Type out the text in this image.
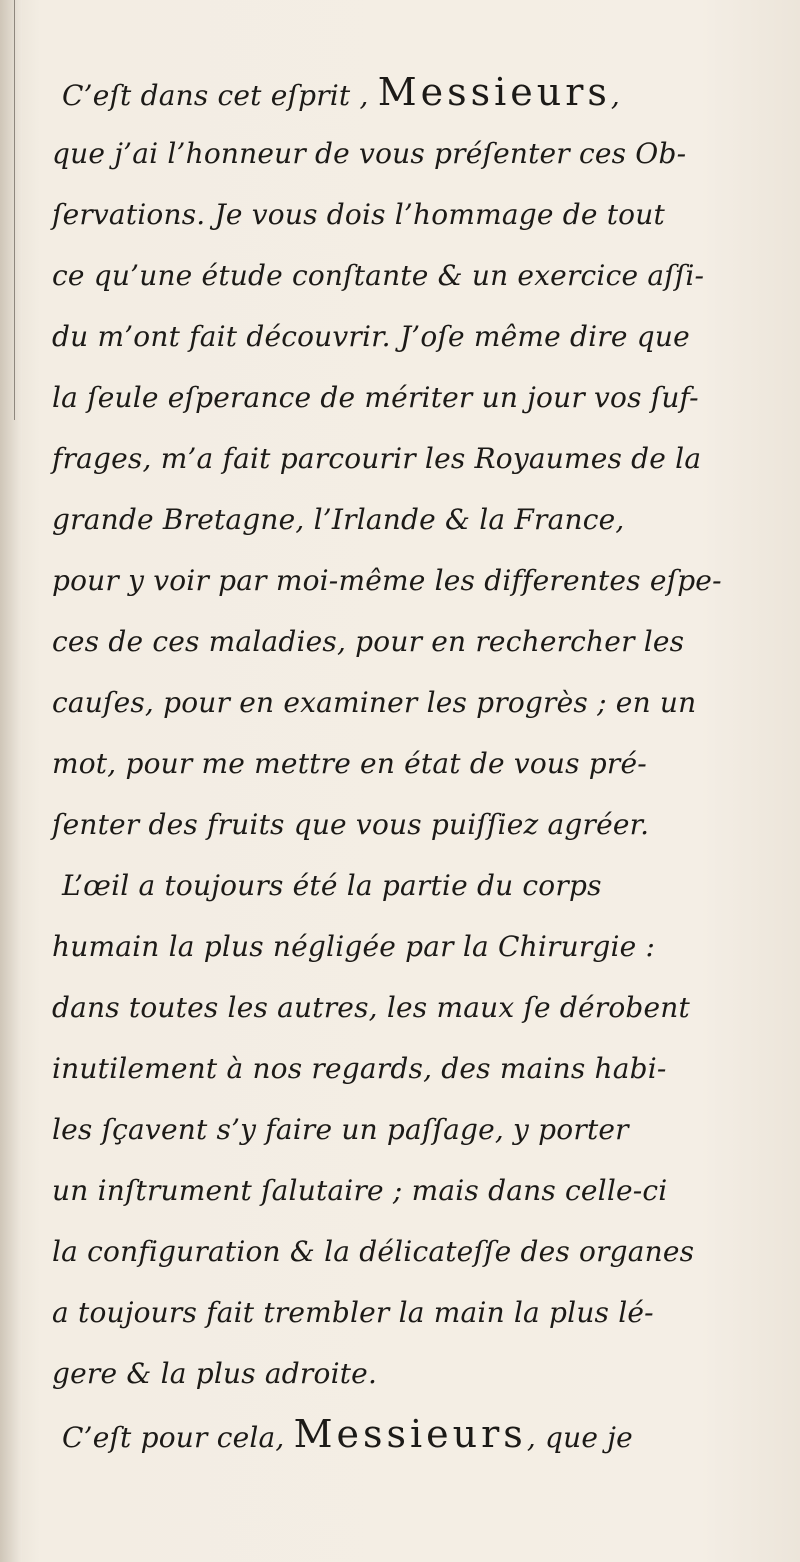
C’eſt dans cet eſprit , Messieurs,
que j’ai l’honneur de vous préſenter ces Ob-
ſervations. Je vous dois l’hommage de tout
ce qu’une étude conſtante & un exercice aſſi-
du m’ont fait découvrir. J’oſe même dire que
la ſeule eſperance de mériter un jour vos ſuf-
frages, m’a fait parcourir les Royaumes de la
grande Bretagne, l’Irlande & la France,
pour y voir par moi-même les differentes eſpe-
ces de ces maladies, pour en rechercher les
cauſes, pour en examiner les progrès ; en un
mot, pour me mettre en état de vous pré-
ſenter des fruits que vous puiſſiez agréer.
L’œil a toujours été la partie du corps
humain la plus négligée par la Chirurgie :
dans toutes les autres, les maux ſe dérobent
inutilement à nos regards, des mains habi-
les ſçavent s’y faire un paſſage, y porter
un inſtrument ſalutaire ; mais dans celle-ci
la configuration & la délicateſſe des organes
a toujours fait trembler la main la plus lé-
gere & la plus adroite.
C’eſt pour cela, Messieurs, que je
